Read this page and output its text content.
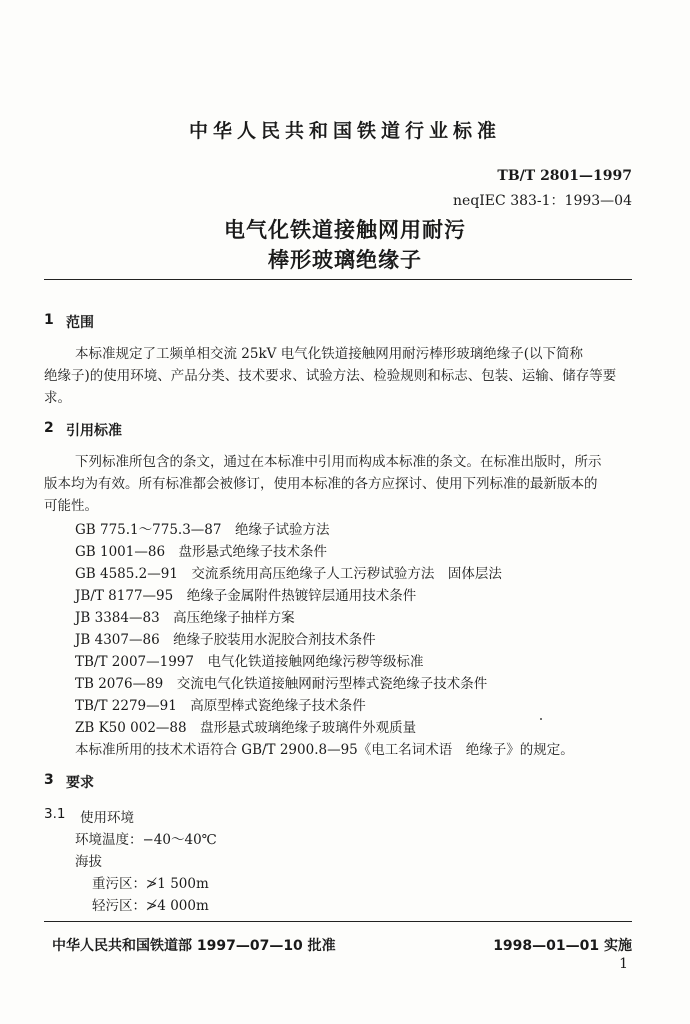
中华人民共和国铁道行业标准
TB/T 2801—1997
neqIEC 383-1：1993—04
电气化铁道接触网用耐污
棒形玻璃绝缘子
1 范围
本标准规定了工频单相交流 25kV 电气化铁道接触网用耐污棒形玻璃绝缘子(以下简称
绝缘子)的使用环境、产品分类、技术要求、试验方法、检验规则和标志、包装、运输、储存等要
求。
2 引用标准
下列标准所包含的条文，通过在本标准中引用而构成本标准的条文。在标准出版时，所示
版本均为有效。所有标准都会被修订，使用本标准的各方应探讨、使用下列标准的最新版本的
可能性。
GB 775.1～775.3—87　绝缘子试验方法
GB 1001—86　盘形悬式绝缘子技术条件
GB 4585.2—91　交流系统用高压绝缘子人工污秽试验方法　固体层法
JB/T 8177—95　绝缘子金属附件热镀锌层通用技术条件
JB 3384—83　高压绝缘子抽样方案
JB 4307—86　绝缘子胶装用水泥胶合剂技术条件
TB/T 2007—1997　电气化铁道接触网绝缘污秽等级标准
TB 2076—89　交流电气化铁道接触网耐污型棒式瓷绝缘子技术条件
TB/T 2279—91　高原型棒式瓷绝缘子技术条件
ZB K50 002—88　盘形悬式玻璃绝缘子玻璃件外观质量
本标准所用的技术术语符合 GB/T 2900.8—95《电工名词术语　绝缘子》的规定。
3 要求
3.1 使用环境
环境温度：−40～40℃
海拔
重污区：≯1 500m
轻污区：≯4 000m
中华人民共和国铁道部 1997—07—10 批准	1998—01—01 实施
1
